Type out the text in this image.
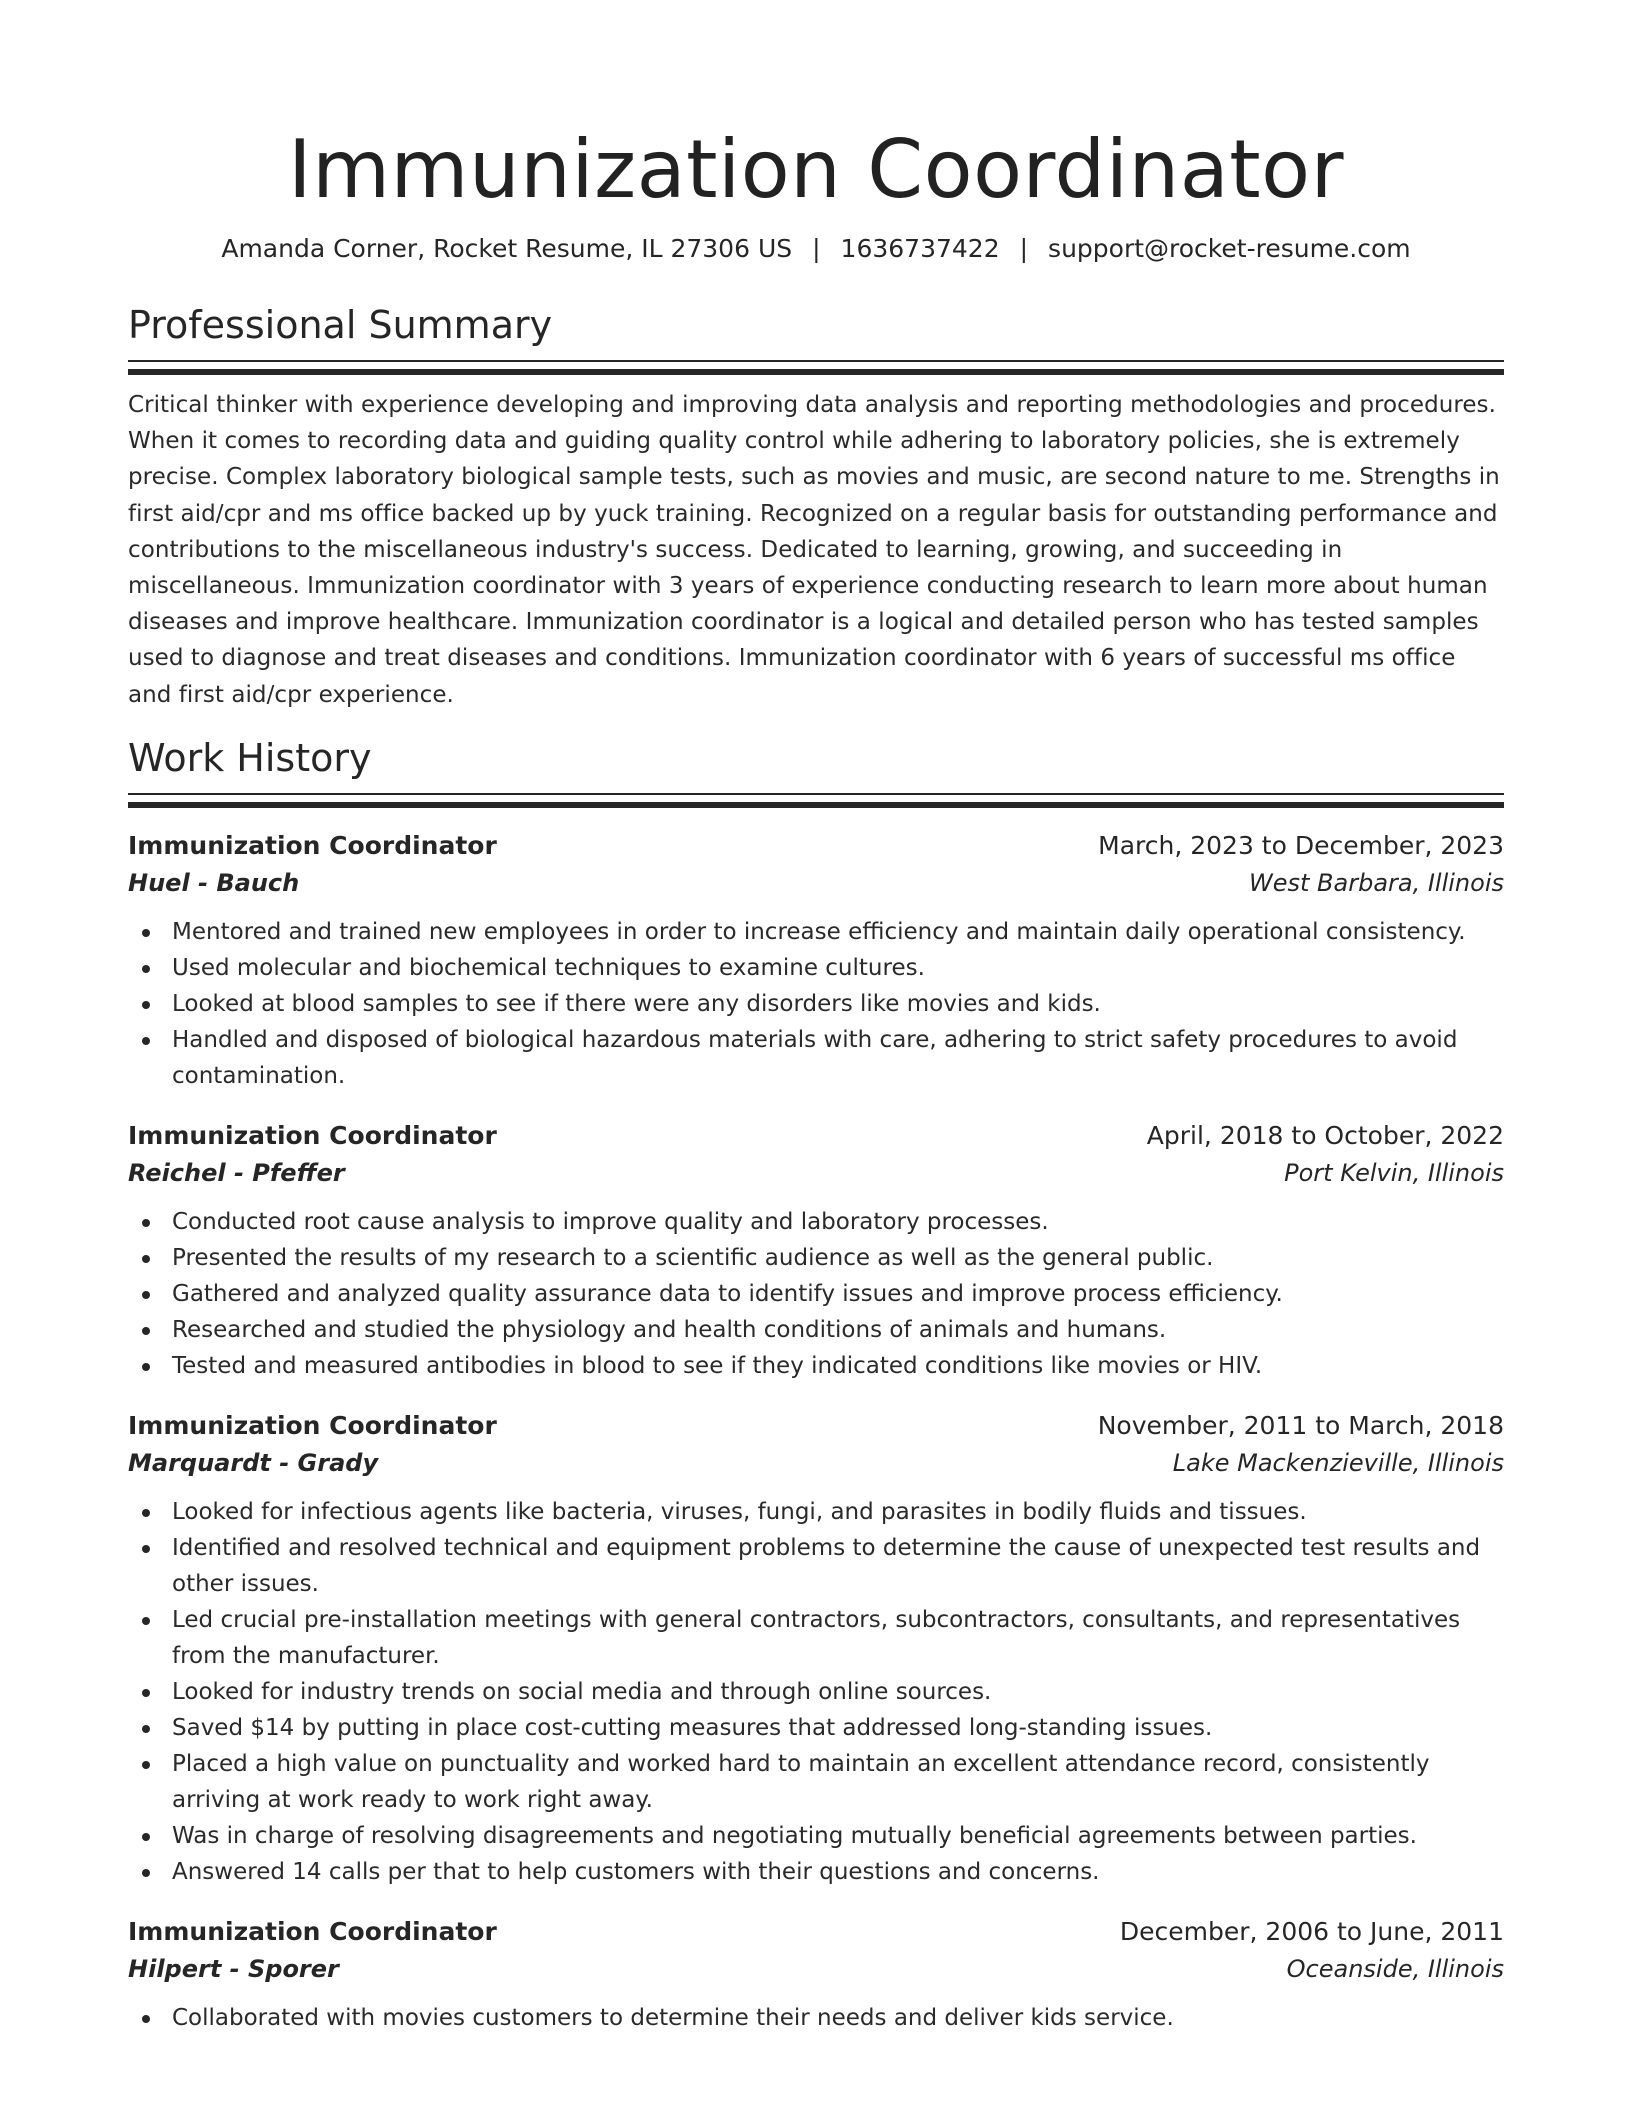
Immunization Coordinator
Amanda Corner, Rocket Resume, IL 27306 US | 1636737422 | support@rocket-resume.com
Professional Summary

Critical thinker with experience developing and improving data analysis and reporting methodologies and procedures. When it comes to recording data and guiding quality control while adhering to laboratory policies, she is extremely precise. Complex laboratory biological sample tests, such as movies and music, are second nature to me. Strengths in first aid/cpr and ms office backed up by yuck training. Recognized on a regular basis for outstanding performance and contributions to the miscellaneous industry's success. Dedicated to learning, growing, and succeeding in miscellaneous. Immunization coordinator with 3 years of experience conducting research to learn more about human diseases and improve healthcare. Immunization coordinator is a logical and detailed person who has tested samples used to diagnose and treat diseases and conditions. Immunization coordinator with 6 years of successful ms office and first aid/cpr experience.

Work History
Immunization Coordinator	March, 2023 to December, 2023
Huel - Bauch	West Barbara, Illinois
Mentored and trained new employees in order to increase efficiency and maintain daily operational consistency.
Used molecular and biochemical techniques to examine cultures.
Looked at blood samples to see if there were any disorders like movies and kids.
Handled and disposed of biological hazardous materials with care, adhering to strict safety procedures to avoid contamination.
Immunization Coordinator	April, 2018 to October, 2022
Reichel - Pfeffer	Port Kelvin, Illinois
Conducted root cause analysis to improve quality and laboratory processes.
Presented the results of my research to a scientific audience as well as the general public.
Gathered and analyzed quality assurance data to identify issues and improve process efficiency.
Researched and studied the physiology and health conditions of animals and humans.
Tested and measured antibodies in blood to see if they indicated conditions like movies or HIV.
Immunization Coordinator	November, 2011 to March, 2018
Marquardt - Grady	Lake Mackenzieville, Illinois
Looked for infectious agents like bacteria, viruses, fungi, and parasites in bodily fluids and tissues.
Identified and resolved technical and equipment problems to determine the cause of unexpected test results and other issues.
Led crucial pre-installation meetings with general contractors, subcontractors, consultants, and representatives from the manufacturer.
Looked for industry trends on social media and through online sources.
Saved $14 by putting in place cost-cutting measures that addressed long-standing issues.
Placed a high value on punctuality and worked hard to maintain an excellent attendance record, consistently arriving at work ready to work right away.
Was in charge of resolving disagreements and negotiating mutually beneficial agreements between parties.
Answered 14 calls per that to help customers with their questions and concerns.
Immunization Coordinator	December, 2006 to June, 2011
Hilpert - Sporer	Oceanside, Illinois
Collaborated with movies customers to determine their needs and deliver kids service.
